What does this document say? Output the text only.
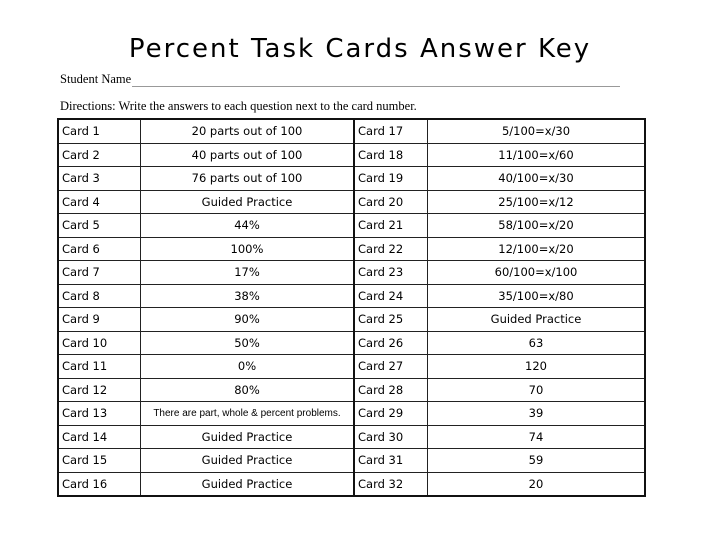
Percent Task Cards Answer Key
Student Name
Directions: Write the answers to each question next to the card number.
Card 1	20 parts out of 100	Card 17	5/100=x/30
Card 2	40 parts out of 100	Card 18	11/100=x/60
Card 3	76 parts out of 100	Card 19	40/100=x/30
Card 4	Guided Practice	Card 20	25/100=x/12
Card 5	44%	Card 21	58/100=x/20
Card 6	100%	Card 22	12/100=x/20
Card 7	17%	Card 23	60/100=x/100
Card 8	38%	Card 24	35/100=x/80
Card 9	90%	Card 25	Guided Practice
Card 10	50%	Card 26	63
Card 11	0%	Card 27	120
Card 12	80%	Card 28	70
Card 13	There are part, whole & percent problems.	Card 29	39
Card 14	Guided Practice	Card 30	74
Card 15	Guided Practice	Card 31	59
Card 16	Guided Practice	Card 32	20
